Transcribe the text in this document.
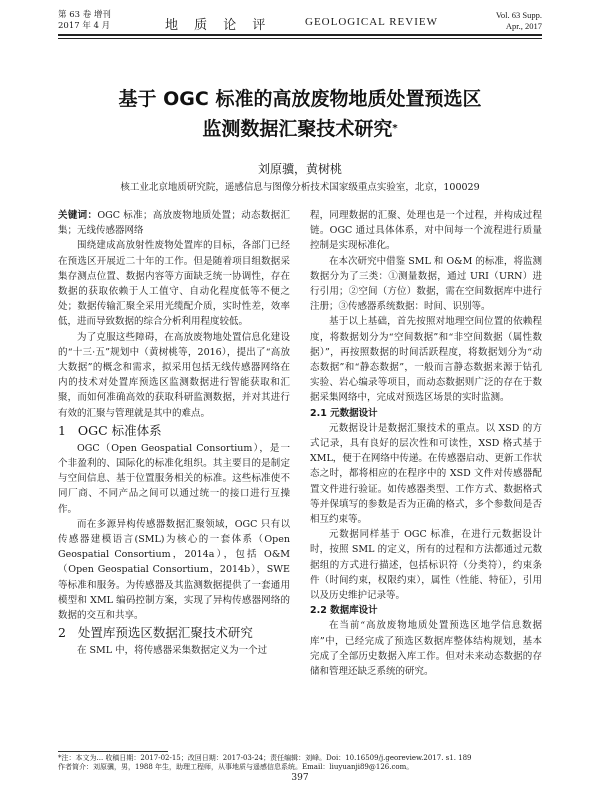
第 63 卷 增刊
2017 年 4 月	地 质 论 评	GEOLOGICAL REVIEW
Vol. 63 Supp.
Apr., 2017
基于 OGC 标准的高放废物地质处置预选区
监测数据汇聚技术研究*
刘原骥，黄树桃
核工业北京地质研究院，遥感信息与图像分析技术国家级重点实验室，北京，100029

关键词：OGC 标准；高放废物地质处置；动态数据汇集；无线传感器网络

围绕建成高放射性废物处置库的目标，各部门已经在预选区开展近二十年的工作。但是随着项目组数据采集存测点位置、数据内容等方面缺乏统一协调性，存在数据的获取依赖于人工值守、自动化程度低等不便之处；数据传输汇聚全采用光缆配介质，实时性差，效率低，进而导致数据的综合分析利用程度较低。

为了克服这些障碍，在高放废物地处置信息化建设的“十三·五”规划中（黄树桃等，2016），提出了“高放大数据”的概念和需求，拟采用包括无线传感器网络在内的技术对处置库预选区监测数据进行智能获取和汇聚，而如何准确高效的获取科研监测数据，并对其进行有效的汇聚与管理就是其中的难点。

1 OGC 标准体系

OGC（Open Geospatial Consortium），是一个非盈利的、国际化的标准化组织。其主要目的是制定与空间信息、基于位置服务相关的标准。这些标准使不同厂商、不同产品之间可以通过统一的接口进行互操作。

而在多源异构传感器数据汇聚领域，OGC 只有以传感器建模语言(SML)为核心的一套体系（Open Geospatial Consortium，2014a），包括 O&M（Open Geospatial Consortium，2014b），SWE 等标准和服务。为传感器及其监测数据提供了一套通用模型和 XML 编码控制方案，实现了异构传感器网络的数据的交互和共享。

2 处置库预选区数据汇聚技术研究

在 SML 中，将传感器采集数据定义为一个过

程，同理数据的汇聚、处理也是一个过程，并构成过程链。OGC 通过具体体系，对中间每一个流程进行质量控制是实现标准化。

在本次研究中借鉴 SML 和 O&M 的标准，将监测数据分为了三类：①测量数据，通过 URI（URN）进行引用；②空间（方位）数据，需在空间数据库中进行注册；③传感器系统数据：时间、识别等。

基于以上基础，首先按照对地理空间位置的依赖程度，将数据划分为“空间数据”和“非空间数据（属性数据）”，再按照数据的时间活跃程度，将数据划分为“动态数据”和“静态数据”，一般而言静态数据来源于钻孔实验、岩心编录等项目，而动态数据则广泛的存在于数据采集网络中，完成对预选区场景的实时监测。

2.1 元数据设计

元数据设计是数据汇聚技术的重点。以 XSD 的方式记录，具有良好的层次性和可读性，XSD 格式基于 XML，便于在网络中传递。在传感器启动、更新工作状态之时，都将相应的在程序中的 XSD 文件对传感器配置文件进行验证。如传感器类型、工作方式、数据格式等并保填写的参数是否为正确的格式，多个参数间是否相互约束等。

元数据同样基于 OGC 标准，在进行元数据设计时，按照 SML 的定义，所有的过程和方法都通过元数据组的方式进行描述，包括标识符（分类符），约束条件（时间约束，权限约束），属性（性能、特征），引用以及历史维护记录等。

2.2 数据库设计

在当前“高放废物地质处置预选区地学信息数据库”中，已经完成了预选区数据库整体结构规划，基本完成了全部历史数据入库工作。但对未来动态数据的存储和管理还缺乏系统的研究。

*注：本文为... 收稿日期：2017-02-15；改回日期：2017-03-24；责任编辑：刘峰。Doi：10.16509/j.georeview.2017. s1. 189
作者简介：刘原骥，男，1988 年生，助理工程师，从事地质与遥感信息系统。Email：liuyuanji89@126.com。
397
